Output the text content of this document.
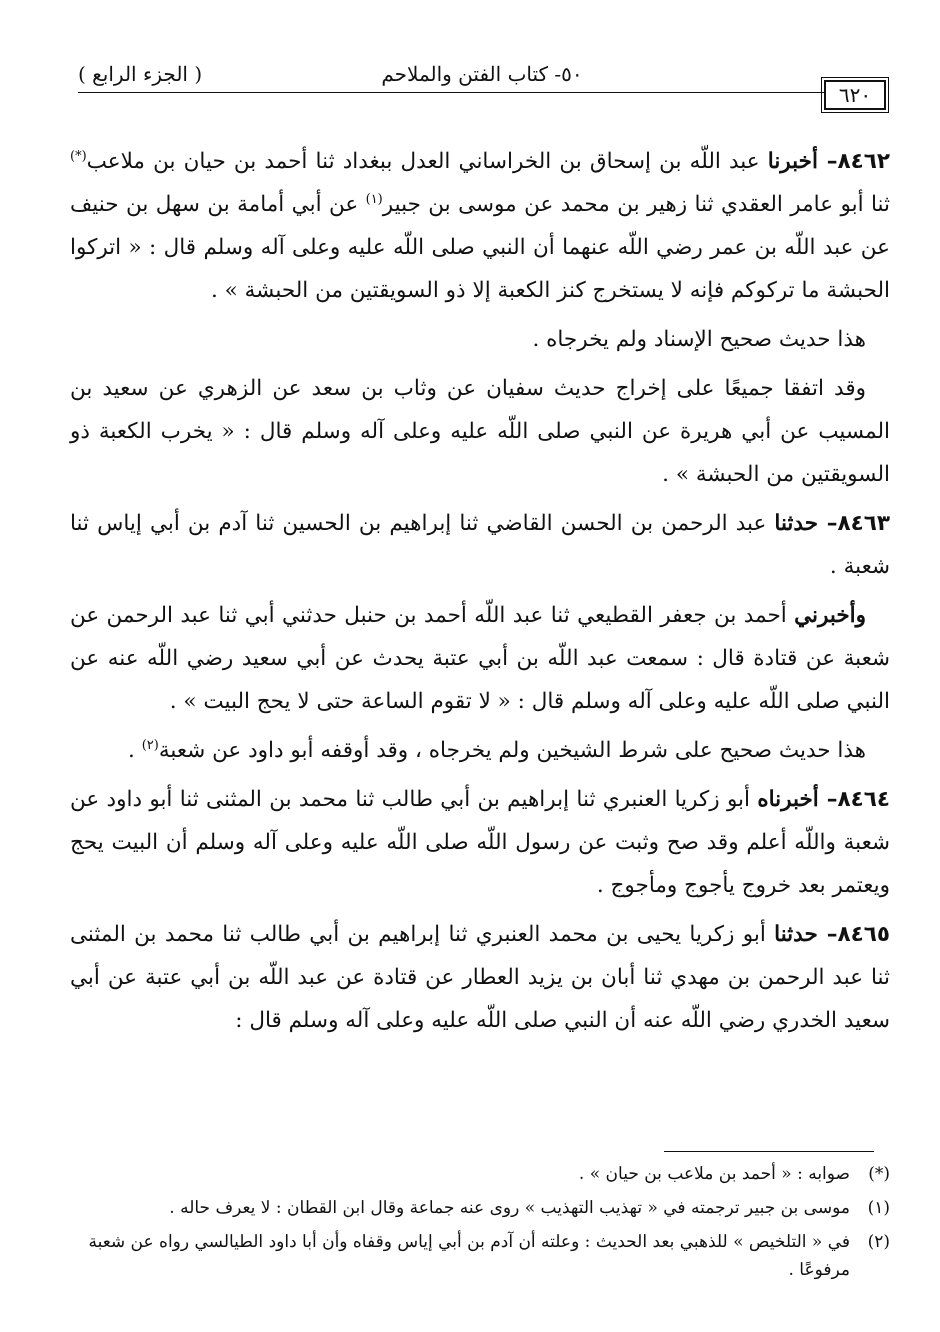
( الجزء الرابع )	٥٠- كتاب الفتن والملاحم
٦٢٠

٨٤٦٢– أخبرنا عبد اللّه بن إسحاق بن الخراساني العدل ببغداد ثنا أحمد بن حيان بن ملاعب(*) ثنا أبو عامر العقدي ثنا زهير بن محمد عن موسى بن جبير$^{(١)}$ عن أبي أمامة بن سهل بن حنيف عن عبد اللّه بن عمر رضي اللّه عنهما أن النبي صلى اللّه عليه وعلى آله وسلم قال : « اتركوا الحبشة ما تركوكم فإنه لا يستخرج كنز الكعبة إلا ذو السويقتين من الحبشة » .

هذا حديث صحيح الإسناد ولم يخرجاه .

وقد اتفقا جميعًا على إخراج حديث سفيان عن وثاب بن سعد عن الزهري عن سعيد بن المسيب عن أبي هريرة عن النبي صلى اللّه عليه وعلى آله وسلم قال : « يخرب الكعبة ذو السويقتين من الحبشة » .

٨٤٦٣– حدثنا عبد الرحمن بن الحسن القاضي ثنا إبراهيم بن الحسين ثنا آدم بن أبي إياس ثنا شعبة .

وأخبرني أحمد بن جعفر القطيعي ثنا عبد اللّه أحمد بن حنبل حدثني أبي ثنا عبد الرحمن عن شعبة عن قتادة قال : سمعت عبد اللّه بن أبي عتبة يحدث عن أبي سعيد رضي اللّه عنه عن النبي صلى اللّه عليه وعلى آله وسلم قال : « لا تقوم الساعة حتى لا يحج البيت » .

هذا حديث صحيح على شرط الشيخين ولم يخرجاه ، وقد أوقفه أبو داود عن شعبة$^{(٢)}$ .

٨٤٦٤– أخبرناه أبو زكريا العنبري ثنا إبراهيم بن أبي طالب ثنا محمد بن المثنى ثنا أبو داود عن شعبة واللّه أعلم وقد صح وثبت عن رسول اللّه صلى اللّه عليه وعلى آله وسلم أن البيت يحج ويعتمر بعد خروج يأجوج ومأجوج .

٨٤٦٥– حدثنا أبو زكريا يحيى بن محمد العنبري ثنا إبراهيم بن أبي طالب ثنا محمد بن المثنى ثنا عبد الرحمن بن مهدي ثنا أبان بن يزيد العطار عن قتادة عن عبد اللّه بن أبي عتبة عن أبي سعيد الخدري رضي اللّه عنه أن النبي صلى اللّه عليه وعلى آله وسلم قال :

(*)
صوابه : « أحمد بن ملاعب بن حيان » .
(١)
موسى بن جبير ترجمته في « تهذيب التهذيب » روى عنه جماعة وقال ابن القطان : لا يعرف حاله .
(٢)
في « التلخيص » للذهبي بعد الحديث : وعلته أن آدم بن أبي إياس وقفاه وأن أبا داود الطيالسي رواه عن شعبة مرفوعًا .
